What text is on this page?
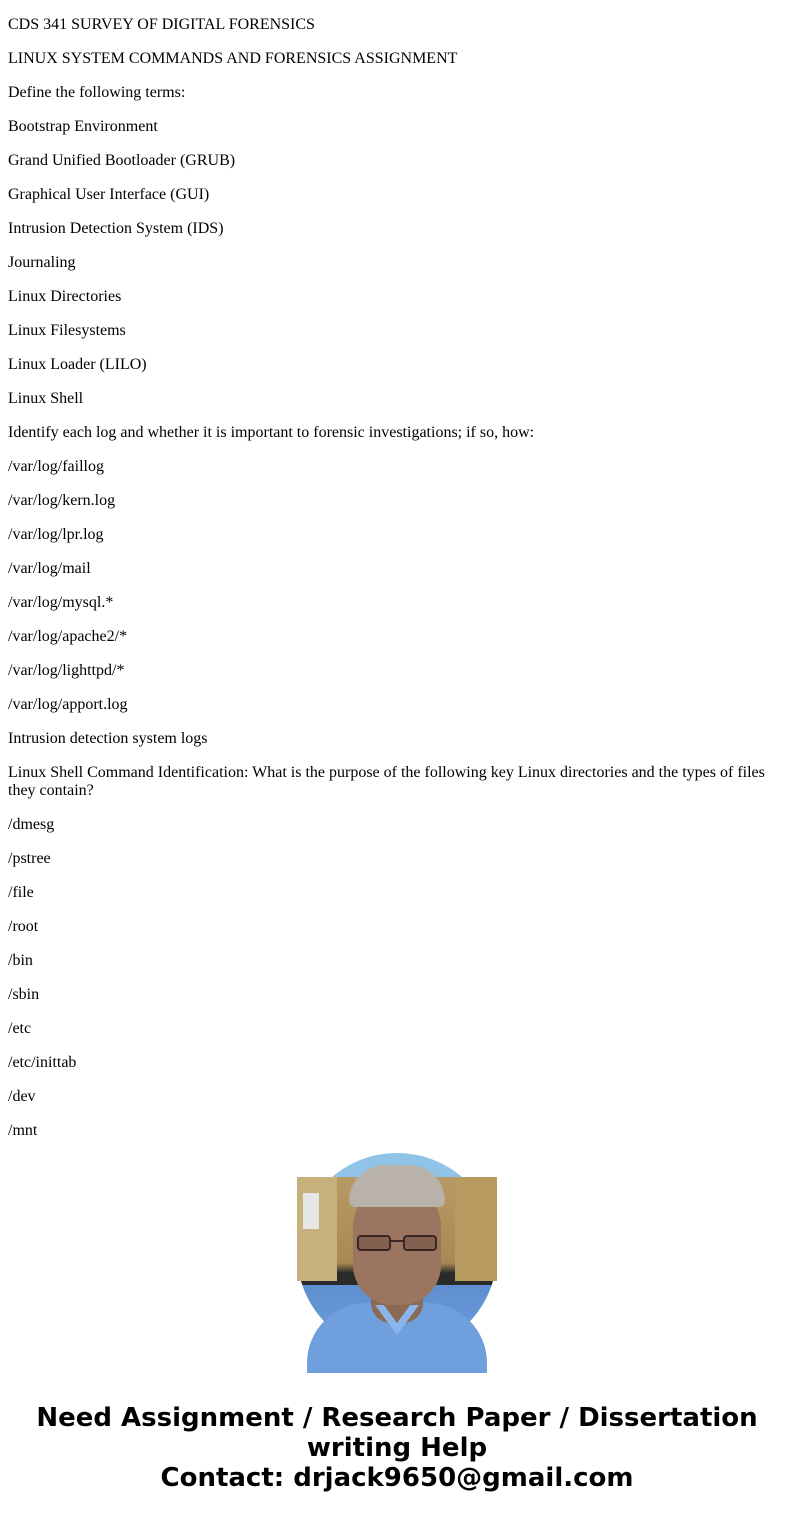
CDS 341 SURVEY OF DIGITAL FORENSICS

LINUX SYSTEM COMMANDS AND FORENSICS ASSIGNMENT

Define the following terms:

Bootstrap Environment

Grand Unified Bootloader (GRUB)

Graphical User Interface (GUI)

Intrusion Detection System (IDS)

Journaling

Linux Directories

Linux Filesystems

Linux Loader (LILO)

Linux Shell

Identify each log and whether it is important to forensic investigations; if so, how:

/var/log/faillog

/var/log/kern.log

/var/log/lpr.log

/var/log/mail

/var/log/mysql.*

/var/log/apache2/*

/var/log/lighttpd/*

/var/log/apport.log

Intrusion detection system logs

Linux Shell Command Identification: What is the purpose of the following key Linux directories and the types of files they contain?

/dmesg

/pstree

/file

/root

/bin

/sbin

/etc

/etc/inittab

/dev

/mnt

Need Assignment / Research Paper / Dissertation
writing Help
Contact: drjack9650@gmail.com
